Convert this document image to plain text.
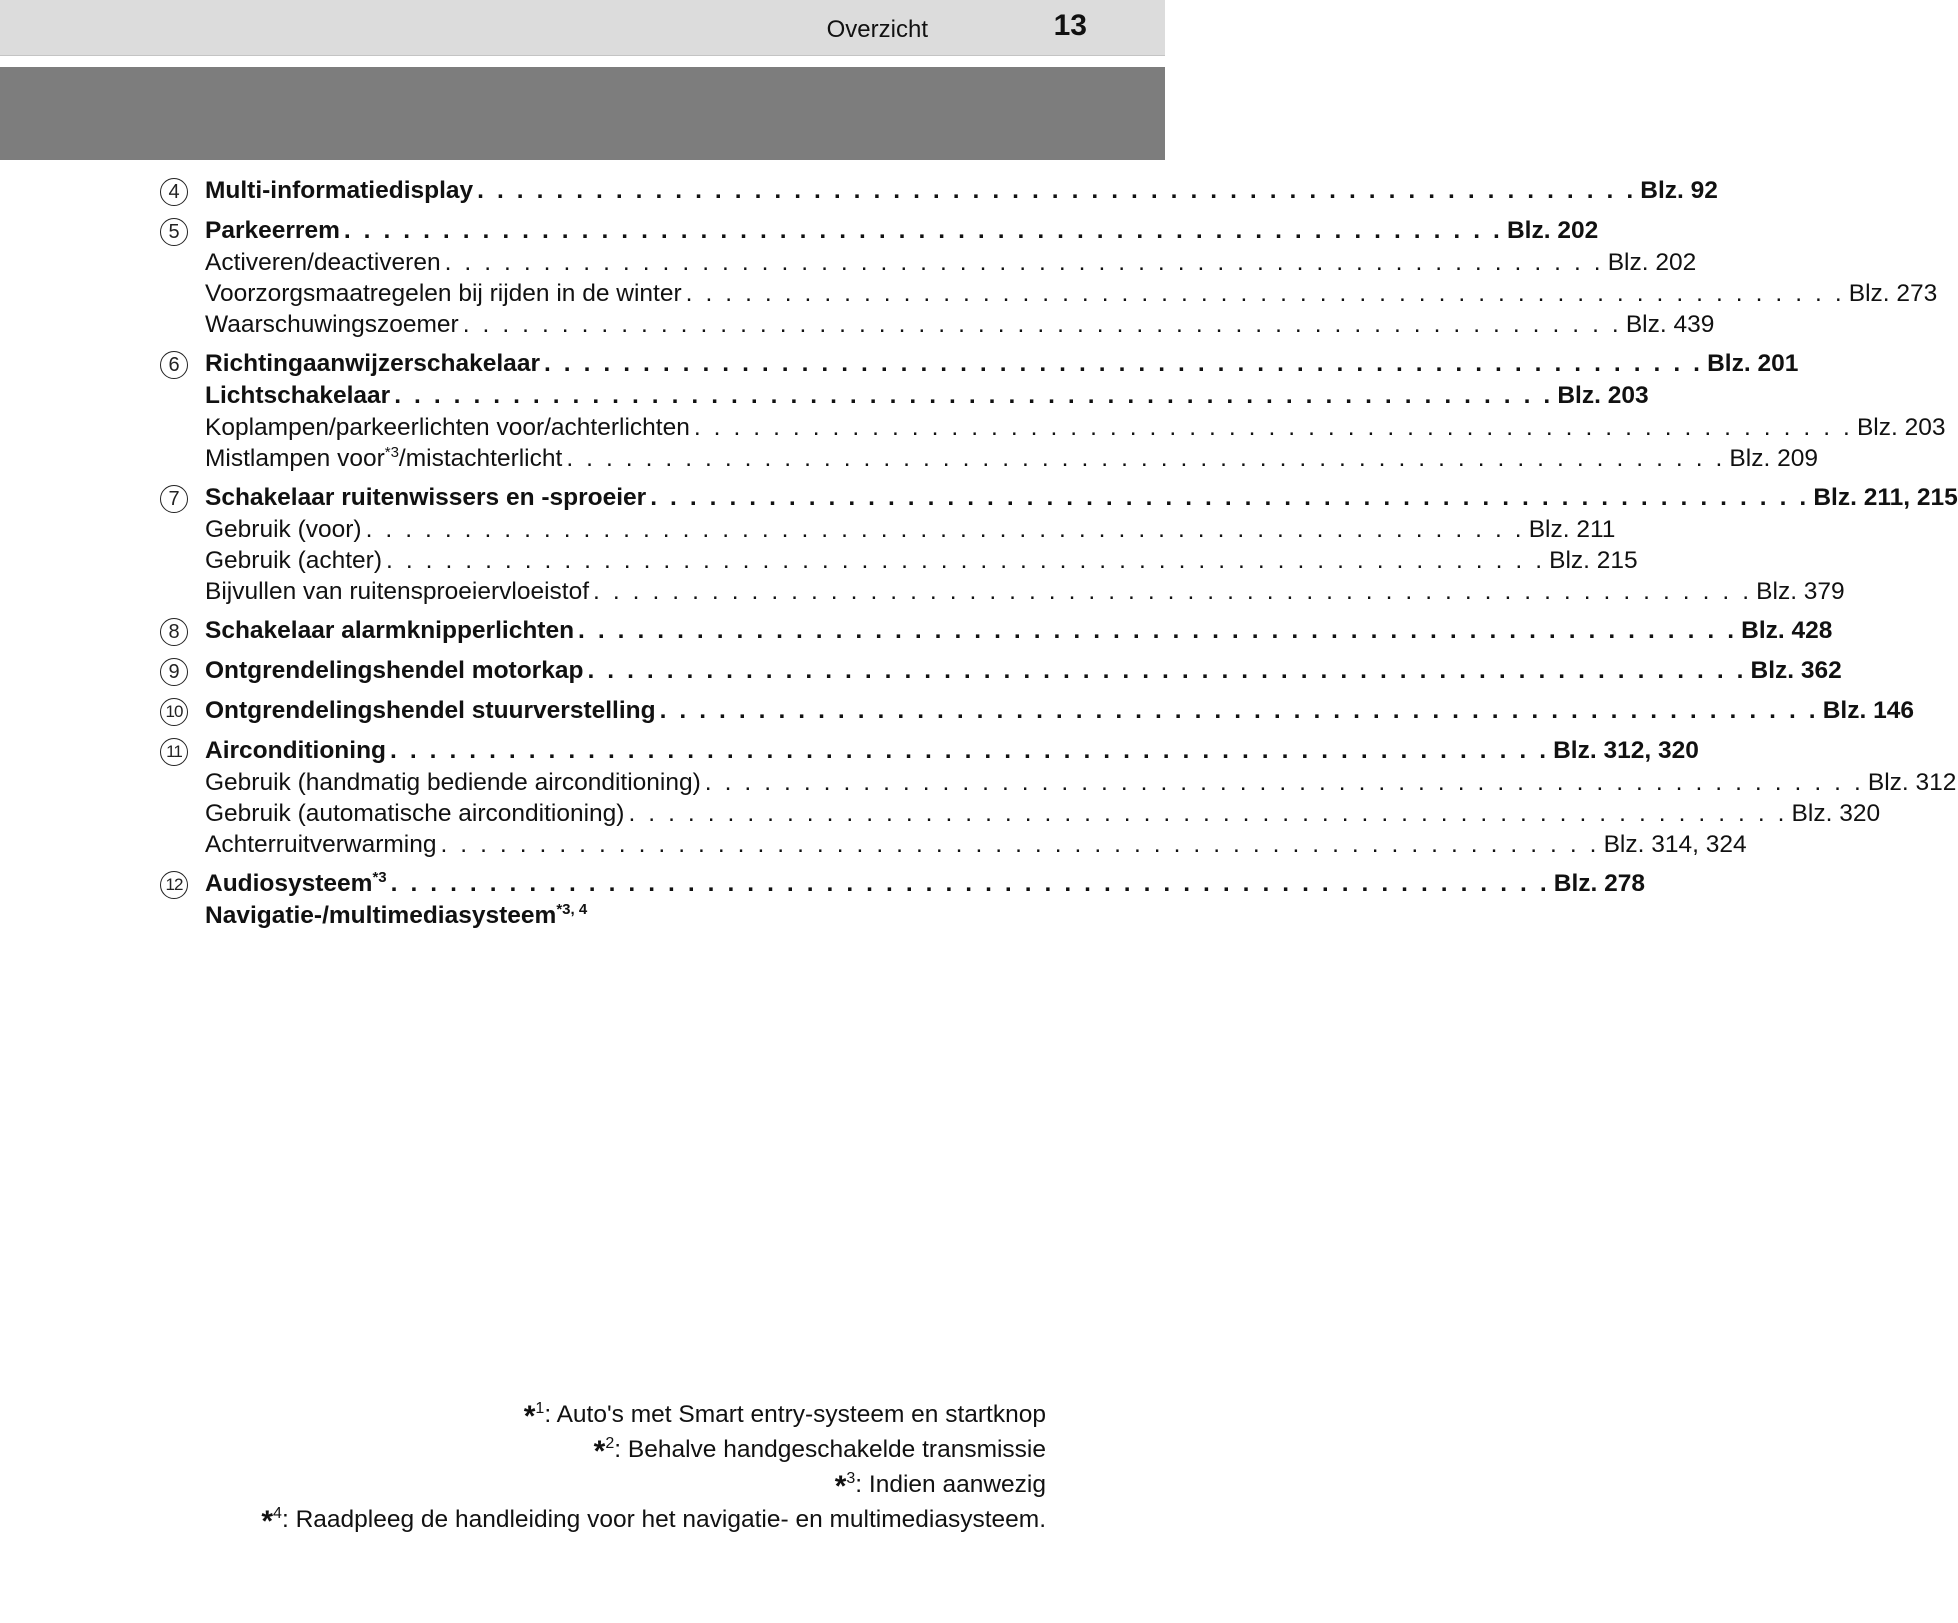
Overzicht	13
4	Multi-informatiedisplay . . . . . . . . . . . . . . . . . . . . . . . . . . . . . . . . . . . . . . . . . . . . . . . . . . . . . . . . . . . Blz. 92
5	Parkeerrem . . . . . . . . . . . . . . . . . . . . . . . . . . . . . . . . . . . . . . . . . . . . . . . . . . . . . . . . . . . Blz. 202
Activeren/deactiveren . . . . . . . . . . . . . . . . . . . . . . . . . . . . . . . . . . . . . . . . . . . . . . . . . . . . . . . . . . . Blz. 202
Voorzorgsmaatregelen bij rijden in de winter . . . . . . . . . . . . . . . . . . . . . . . . . . . . . . . . . . . . . . . . . . . . . . . . . . . . . . . . . . . Blz. 273
Waarschuwingszoemer . . . . . . . . . . . . . . . . . . . . . . . . . . . . . . . . . . . . . . . . . . . . . . . . . . . . . . . . . . . Blz. 439
6	Richtingaanwijzerschakelaar . . . . . . . . . . . . . . . . . . . . . . . . . . . . . . . . . . . . . . . . . . . . . . . . . . . . . . . . . . . Blz. 201
Lichtschakelaar . . . . . . . . . . . . . . . . . . . . . . . . . . . . . . . . . . . . . . . . . . . . . . . . . . . . . . . . . . . Blz. 203
Koplampen/parkeerlichten voor/achterlichten . . . . . . . . . . . . . . . . . . . . . . . . . . . . . . . . . . . . . . . . . . . . . . . . . . . . . . . . . . . Blz. 203
Mistlampen voor$^{*3}$/mistachterlicht . . . . . . . . . . . . . . . . . . . . . . . . . . . . . . . . . . . . . . . . . . . . . . . . . . . . . . . . . . . Blz. 209
7	Schakelaar ruitenwissers en -sproeier . . . . . . . . . . . . . . . . . . . . . . . . . . . . . . . . . . . . . . . . . . . . . . . . . . . . . . . . . . . Blz. 211, 215
Gebruik (voor) . . . . . . . . . . . . . . . . . . . . . . . . . . . . . . . . . . . . . . . . . . . . . . . . . . . . . . . . . . . Blz. 211
Gebruik (achter) . . . . . . . . . . . . . . . . . . . . . . . . . . . . . . . . . . . . . . . . . . . . . . . . . . . . . . . . . . . Blz. 215
Bijvullen van ruitensproeiervloeistof . . . . . . . . . . . . . . . . . . . . . . . . . . . . . . . . . . . . . . . . . . . . . . . . . . . . . . . . . . . Blz. 379
8	Schakelaar alarmknipperlichten . . . . . . . . . . . . . . . . . . . . . . . . . . . . . . . . . . . . . . . . . . . . . . . . . . . . . . . . . . . Blz. 428
9	Ontgrendelingshendel motorkap . . . . . . . . . . . . . . . . . . . . . . . . . . . . . . . . . . . . . . . . . . . . . . . . . . . . . . . . . . . Blz. 362
10 Ontgrendelingshendel stuurverstelling . . . . . . . . . . . . . . . . . . . . . . . . . . . . . . . . . . . . . . . . . . . . . . . . . . . . . . . . . . . Blz. 146
11 Airconditioning . . . . . . . . . . . . . . . . . . . . . . . . . . . . . . . . . . . . . . . . . . . . . . . . . . . . . . . . . . . Blz. 312, 320
Gebruik (handmatig bediende airconditioning) . . . . . . . . . . . . . . . . . . . . . . . . . . . . . . . . . . . . . . . . . . . . . . . . . . . . . . . . . . . Blz. 312
Gebruik (automatische airconditioning) . . . . . . . . . . . . . . . . . . . . . . . . . . . . . . . . . . . . . . . . . . . . . . . . . . . . . . . . . . . Blz. 320
Achterruitverwarming . . . . . . . . . . . . . . . . . . . . . . . . . . . . . . . . . . . . . . . . . . . . . . . . . . . . . . . . . . . Blz. 314, 324
12 Audiosysteem$^{*3}$ . . . . . . . . . . . . . . . . . . . . . . . . . . . . . . . . . . . . . . . . . . . . . . . . . . . . . . . . . . . Blz. 278
Navigatie-/multimediasysteem$^{*3, 4}$
*$^1$: Auto's met Smart entry-systeem en startknop
*$^2$: Behalve handgeschakelde transmissie
*$^3$: Indien aanwezig
*$^4$: Raadpleeg de handleiding voor het navigatie- en multimediasysteem.
